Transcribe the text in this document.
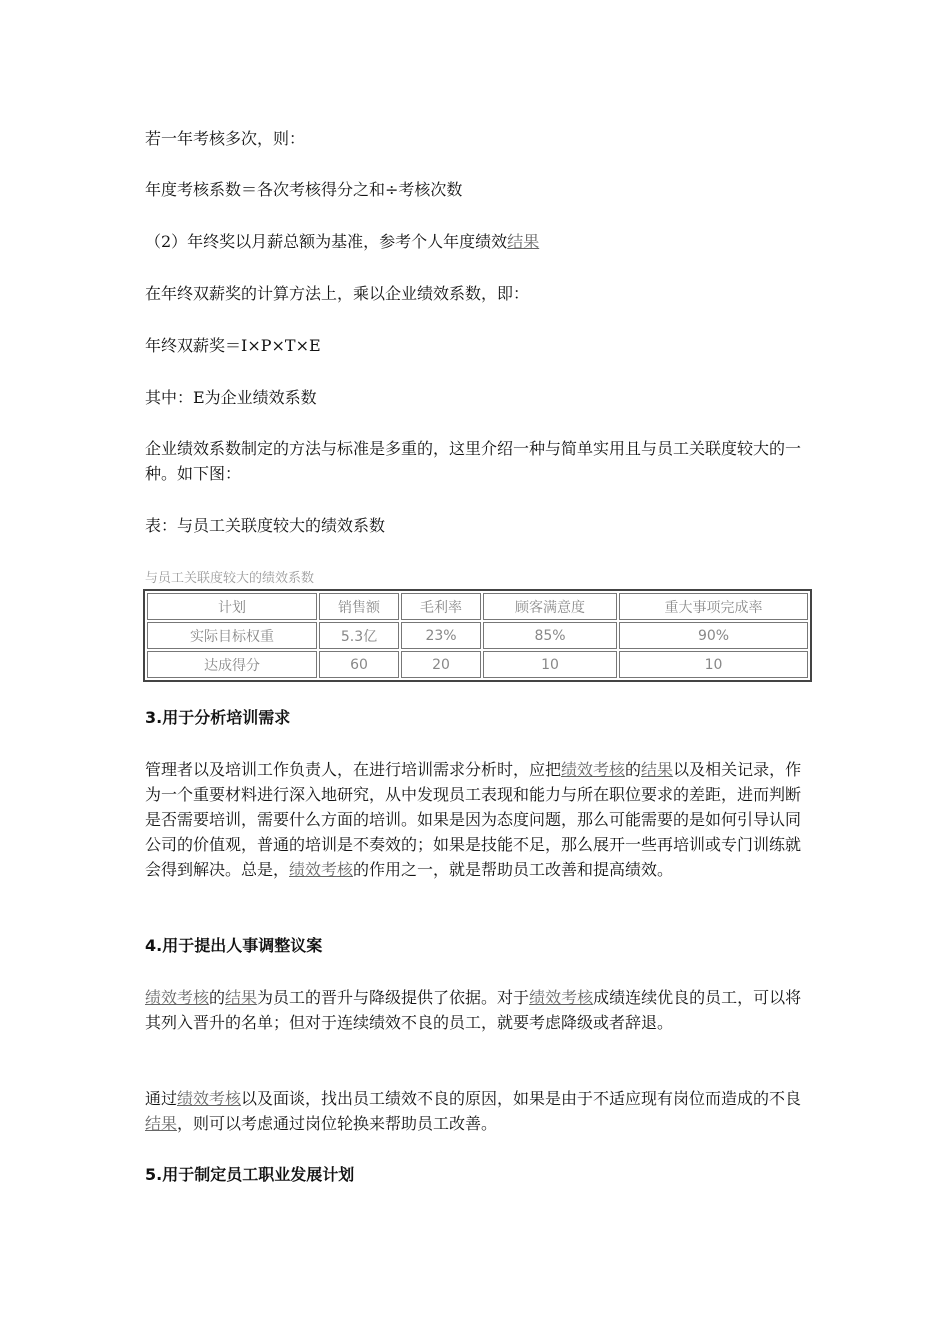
若一年考核多次，则：

年度考核系数＝各次考核得分之和÷考核次数

（2）年终奖以月薪总额为基准，参考个人年度绩效结果

在年终双薪奖的计算方法上，乘以企业绩效系数，即：

年终双薪奖＝I×P×T×E

其中：E为企业绩效系数

企业绩效系数制定的方法与标准是多重的，这里介绍一种与简单实用且与员工关联度较大的一种。如下图：

表：与员工关联度较大的绩效系数

与员工关联度较大的绩效系数
计划	销售额	毛利率	顾客满意度	重大事项完成率
实际目标权重	5.3亿	23%	85%	90%
达成得分	60	20	10	10
3.用于分析培训需求

管理者以及培训工作负责人，在进行培训需求分析时，应把绩效考核的结果以及相关记录，作为一个重要材料进行深入地研究，从中发现员工表现和能力与所在职位要求的差距，进而判断是否需要培训，需要什么方面的培训。如果是因为态度问题，那么可能需要的是如何引导认同公司的价值观，普通的培训是不奏效的；如果是技能不足，那么展开一些再培训或专门训练就会得到解决。总是，绩效考核的作用之一，就是帮助员工改善和提高绩效。

4.用于提出人事调整议案

绩效考核的结果为员工的晋升与降级提供了依据。对于绩效考核成绩连续优良的员工，可以将其列入晋升的名单；但对于连续绩效不良的员工，就要考虑降级或者辞退。

通过绩效考核以及面谈，找出员工绩效不良的原因，如果是由于不适应现有岗位而造成的不良结果，则可以考虑通过岗位轮换来帮助员工改善。

5.用于制定员工职业发展计划
